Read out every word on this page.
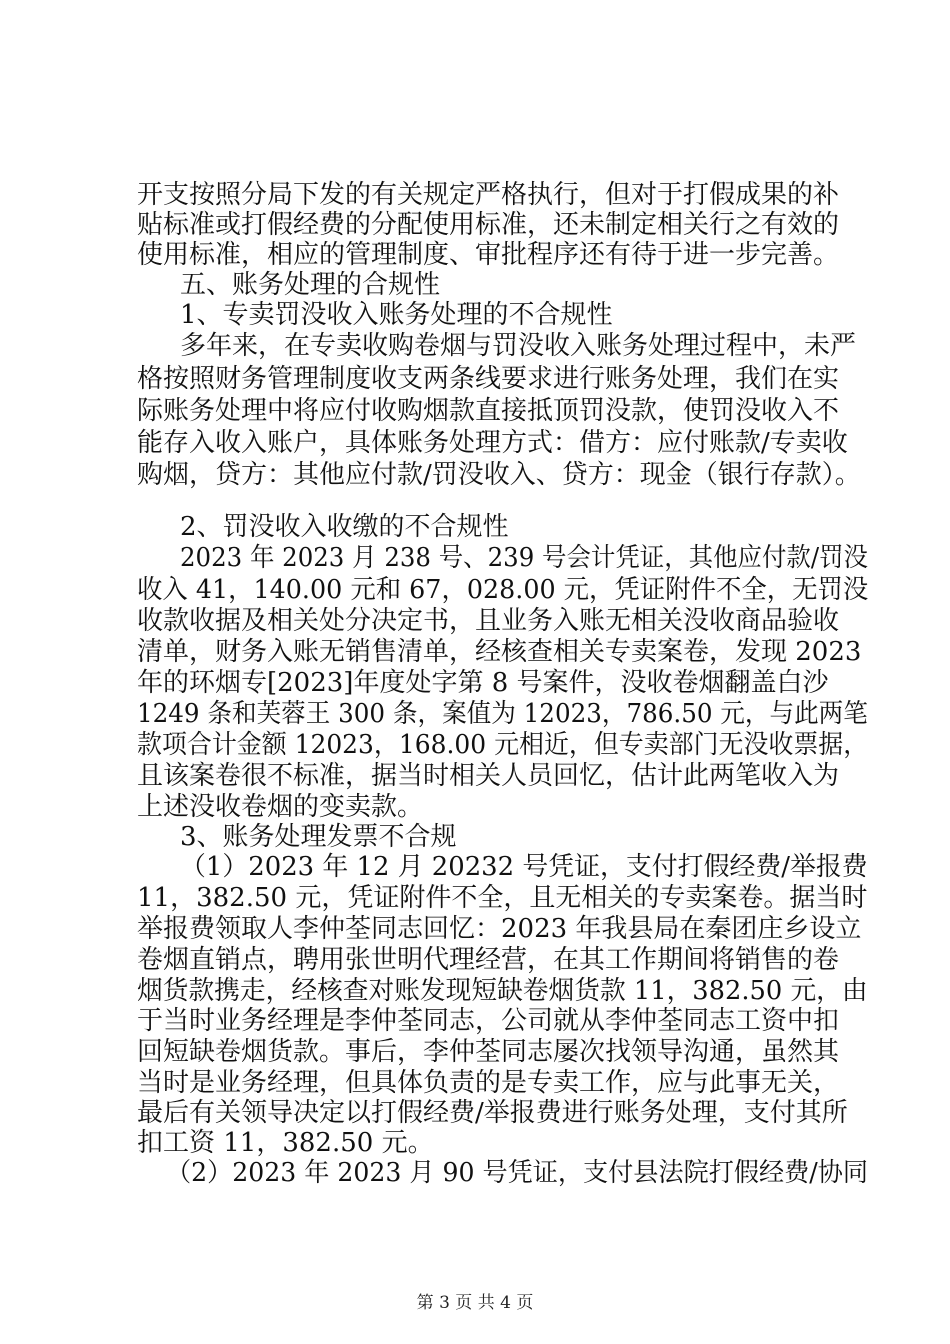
开支按照分局下发的有关规定严格执行，但对于打假成果的补
贴标准或打假经费的分配使用标准，还未制定相关行之有效的
使用标准，相应的管理制度、审批程序还有待于进一步完善。
五、账务处理的合规性
1、专卖罚没收入账务处理的不合规性
多年来，在专卖收购卷烟与罚没收入账务处理过程中，未严
格按照财务管理制度收支两条线要求进行账务处理，我们在实
际账务处理中将应付收购烟款直接抵顶罚没款，使罚没收入不
能存入收入账户，具体账务处理方式：借方：应付账款/专卖收
购烟，贷方：其他应付款/罚没收入、贷方：现金（银行存款）。
2、罚没收入收缴的不合规性
2023 年 2023 月 238 号、239 号会计凭证，其他应付款/罚没
收入 41，140.00 元和 67，028.00 元，凭证附件不全，无罚没
收款收据及相关处分决定书，且业务入账无相关没收商品验收
清单，财务入账无销售清单，经核查相关专卖案卷，发现 2023
年的环烟专[2023]年度处字第 8 号案件，没收卷烟翻盖白沙
1249 条和芙蓉王 300 条，案值为 12023，786.50 元，与此两笔
款项合计金额 12023，168.00 元相近，但专卖部门无没收票据，
且该案卷很不标准，据当时相关人员回忆，估计此两笔收入为
上述没收卷烟的变卖款。
3、账务处理发票不合规
（1）2023 年 12 月 20232 号凭证，支付打假经费/举报费
11，382.50 元，凭证附件不全，且无相关的专卖案卷。据当时
举报费领取人李仲荃同志回忆：2023 年我县局在秦团庄乡设立
卷烟直销点，聘用张世明代理经营，在其工作期间将销售的卷
烟货款携走，经核查对账发现短缺卷烟货款 11，382.50 元，由
于当时业务经理是李仲荃同志，公司就从李仲荃同志工资中扣
回短缺卷烟货款。事后，李仲荃同志屡次找领导沟通，虽然其
当时是业务经理，但具体负责的是专卖工作，应与此事无关，
最后有关领导决定以打假经费/举报费进行账务处理，支付其所
扣工资 11，382.50 元。
（2）2023 年 2023 月 90 号凭证，支付县法院打假经费/协同
第 3 页 共 4 页
